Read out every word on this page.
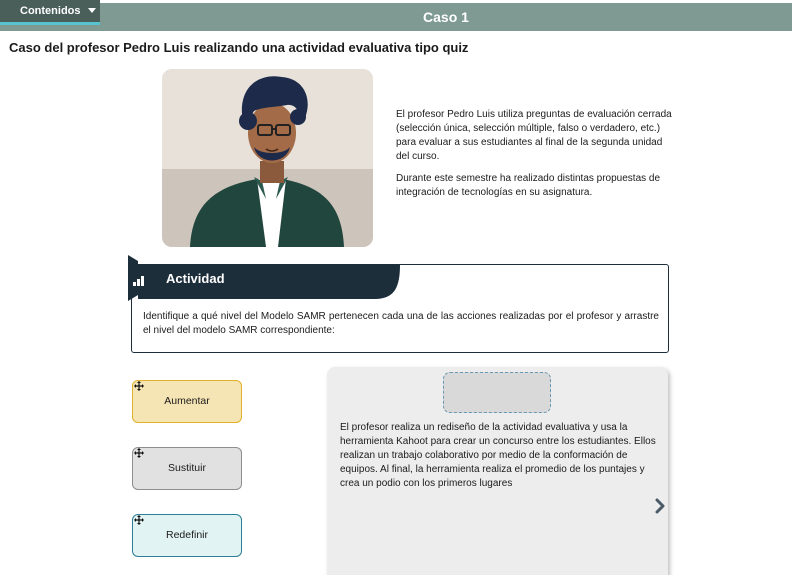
Caso 1
Contenidos
Caso del profesor Pedro Luis realizando una actividad evaluativa tipo quiz

El profesor Pedro Luis utiliza preguntas de evaluación cerrada (selección única, selección múltiple, falso o verdadero, etc.) para evaluar a sus estudiantes al final de la segunda unidad del curso.

Durante este semestre ha realizado distintas propuestas de integración de tecnologías en su asignatura.

Actividad
Identifique a qué nivel del Modelo SAMR pertenecen cada una de las acciones realizadas por el profesor y arrastre el nivel del modelo SAMR correspondiente:
Aumentar
Sustituir
Redefinir
El profesor realiza un rediseño de la actividad evaluativa y usa la herramienta Kahoot para crear un concurso entre los estudiantes. Ellos realizan un trabajo colaborativo por medio de la conformación de equipos. Al final, la herramienta realiza el promedio de los puntajes y crea un podio con los primeros lugares
